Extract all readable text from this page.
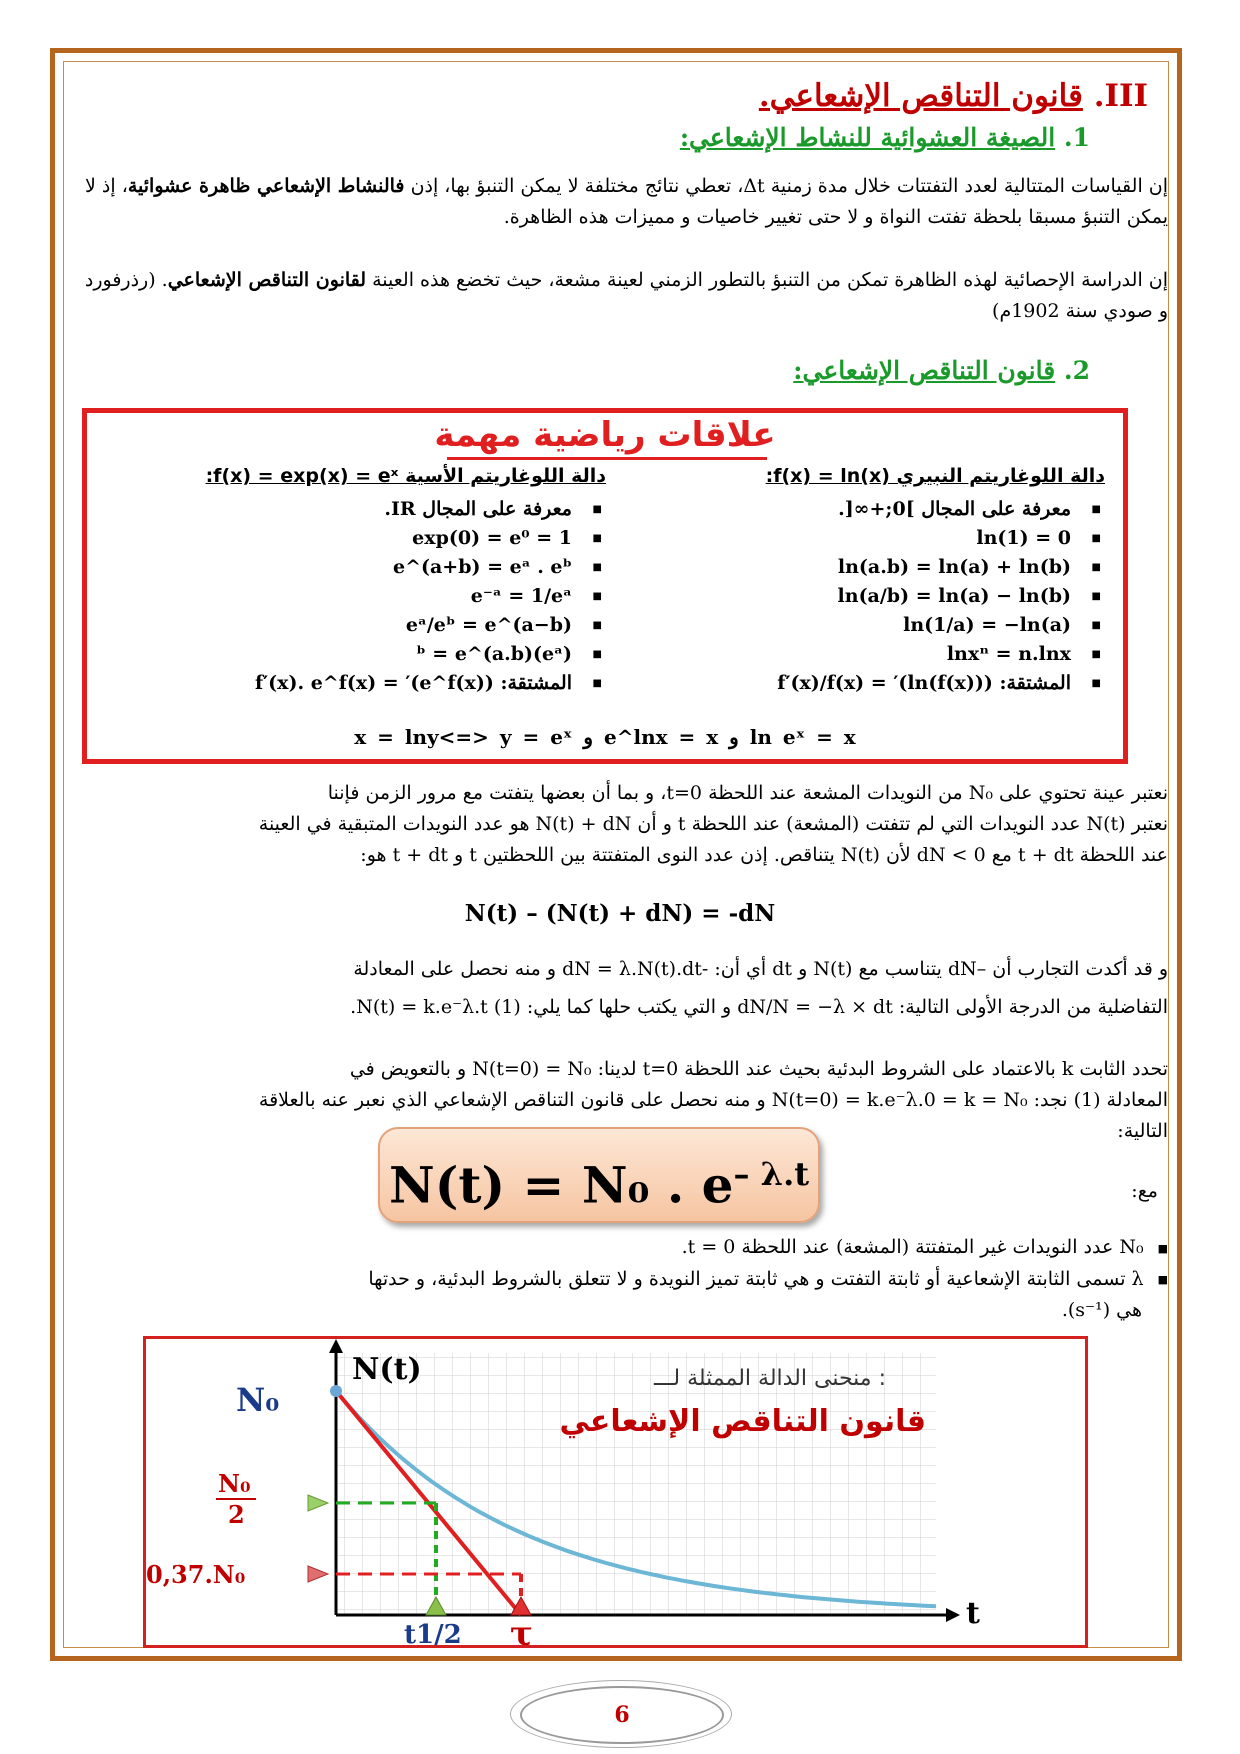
III. قانون التناقص الإشعاعي.
1. الصيغة العشوائية للنشاط الإشعاعي:
إن القياسات المتتالية لعدد التفتتات خلال مدة زمنية Δt، تعطي نتائج مختلفة لا يمكن التنبؤ بها، إذن فالنشاط الإشعاعي ظاهرة عشوائية، إذ لا يمكن التنبؤ مسبقا بلحظة تفتت النواة و لا حتى تغيير خاصيات و مميزات هذه الظاهرة.
إن الدراسة الإحصائية لهذه الظاهرة تمكن من التنبؤ بالتطور الزمني لعينة مشعة، حيث تخضع هذه العينة لقانون التناقص الإشعاعي. (رذرفورد و صودي سنة 1902م)
2. قانون التناقص الإشعاعي:
علاقات رياضية مهمة
دالة اللوغاريتم النبيري f(x) = ln(x):
■ معرفة على المجال ]0;+∞[.
■ ln(1) = 0
■ ln(a.b) = ln(a) + ln(b)
■ ln(a/b) = ln(a) − ln(b)
■ ln(1/a) = −ln(a)
■ lnxⁿ = n.lnx
■ المشتقة: (ln(f(x)))′ = f′(x)/f(x)
دالة اللوغاريتم الأسية f(x) = exp(x) = eˣ:
■ معرفة على المجال IR.
■ exp(0) = e⁰ = 1
■ e^(a+b) = eᵃ . eᵇ
■ e⁻ᵃ = 1/eᵃ
■ eᵃ/eᵇ = e^(a−b)
■ (eᵃ)ᵇ = e^(a.b)
■ المشتقة: (e^f(x))′ = f′(x). e^f(x)
x = lny<=> y = eˣ و e^lnx = x و ln eˣ = x
نعتبر عينة تحتوي على N₀ من النويدات المشعة عند اللحظة t=0، و بما أن بعضها يتفتت مع مرور الزمن فإننا
نعتبر N(t) عدد النويدات التي لم تتفتت (المشعة) عند اللحظة t و أن N(t) + dN هو عدد النويدات المتبقية في العينة
عند اللحظة t + dt مع dN < 0 لأن N(t) يتناقص. إذن عدد النوى المتفتتة بين اللحظتين t و t + dt هو:
N(t) – (N(t) + dN) = -dN
و قد أكدت التجارب أن –dN يتناسب مع N(t) و dt أي أن: -dN = λ.N(t).dt و منه نحصل على المعادلة
التفاضلية من الدرجة الأولى التالية: dN/N = −λ × dt و التي يكتب حلها كما يلي: N(t) = k.e⁻λ.t (1).
تحدد الثابت k بالاعتماد على الشروط البدئية بحيث عند اللحظة t=0 لدينا: N(t=0) = N₀ و بالتعويض في
المعادلة (1) نجد: N(t=0) = k.e⁻λ.0 = k = N₀ و منه نحصل على قانون التناقص الإشعاعي الذي نعبر عنه بالعلاقة
التالية:
N(t) = N₀ . $e^{- \lambda.t}$	مع:
■N₀ عدد النويدات غير المتفتتة (المشعة) عند اللحظة t = 0.
■λ تسمى الثابتة الإشعاعية أو ثابتة التفتت و هي ثابتة تميز النويدة و لا تتعلق بالشروط البدئية، و حدتها
هي (s⁻¹).
N(t)
t
N₀
N₀
2
0,37.N₀
t1/2 τ
منحنى الدالة الممثلة لـــ :
قانون التناقص الإشعاعي
6
